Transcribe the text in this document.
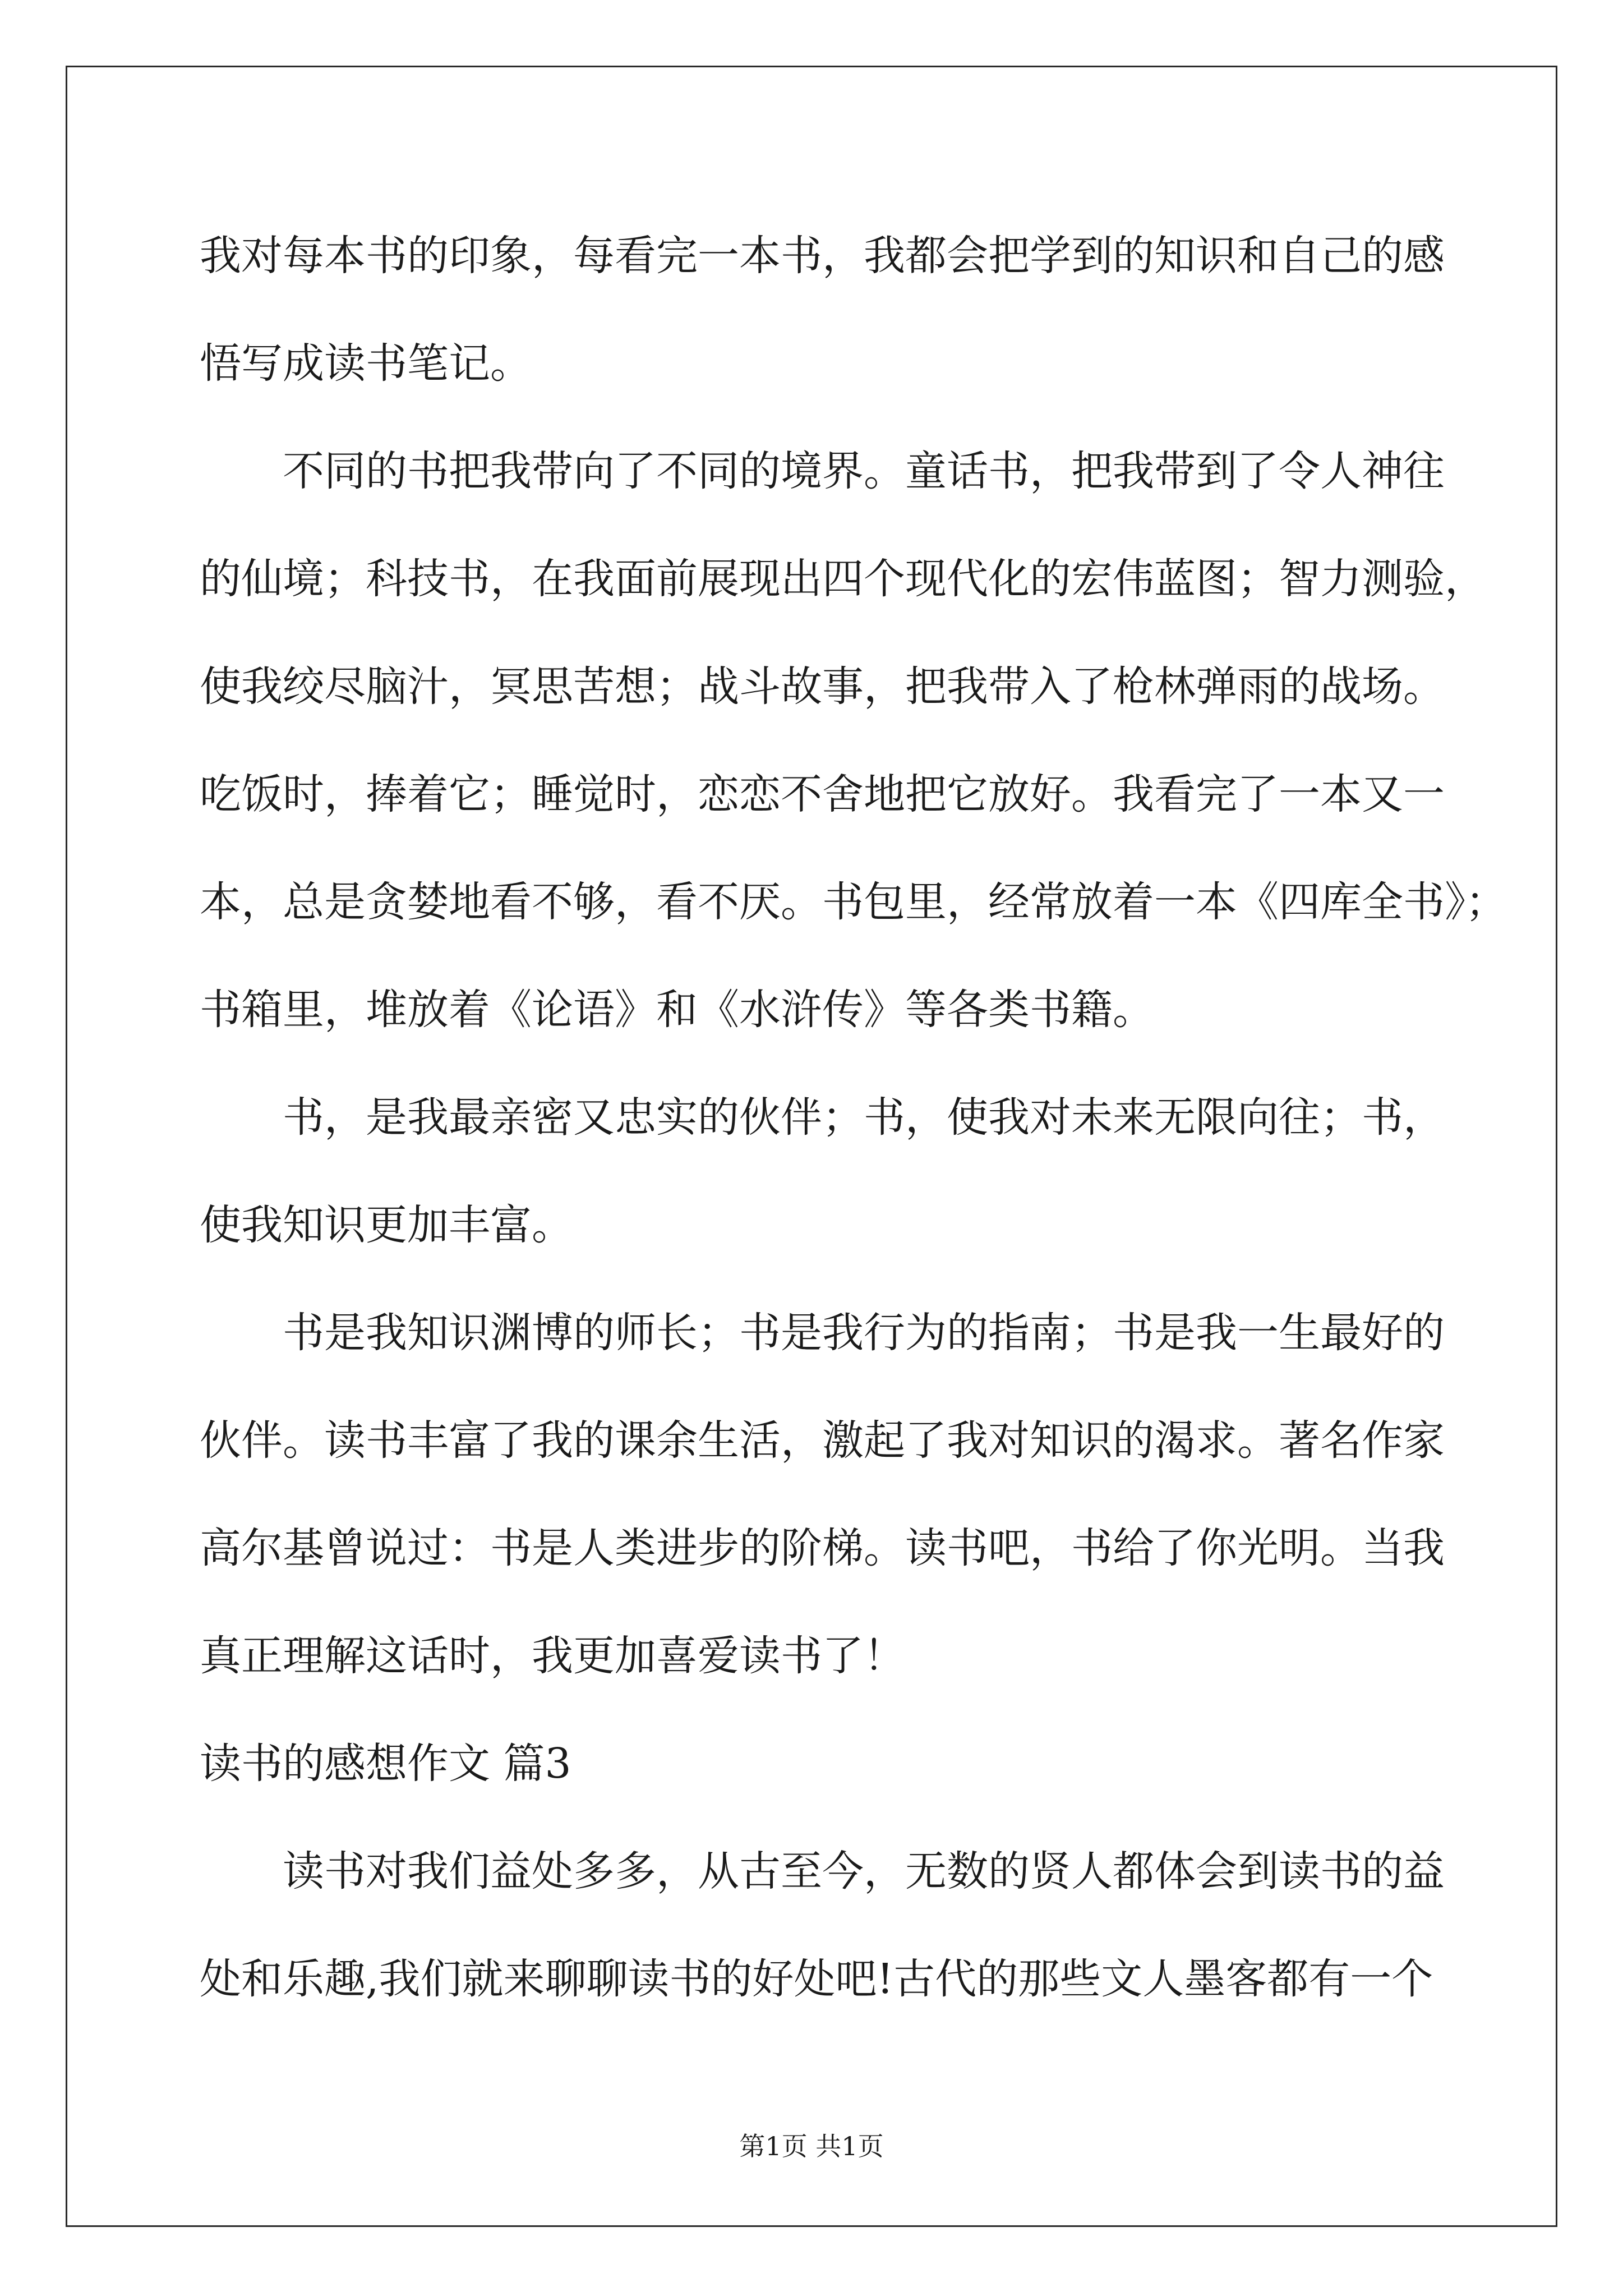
我对每本书的印象，每看完一本书，我都会把学到的知识和自己的感
悟写成读书笔记。
不同的书把我带向了不同的境界。童话书，把我带到了令人神往
的仙境；科技书，在我面前展现出四个现代化的宏伟蓝图；智力测验，
使我绞尽脑汁，冥思苦想；战斗故事，把我带入了枪林弹雨的战场。
吃饭时，捧着它；睡觉时，恋恋不舍地把它放好。我看完了一本又一
本，总是贪婪地看不够，看不厌。书包里，经常放着一本《四库全书》；
书箱里，堆放着《论语》和《水浒传》等各类书籍。
书，是我最亲密又忠实的伙伴；书，使我对未来无限向往；书，
使我知识更加丰富。
书是我知识渊博的师长；书是我行为的指南；书是我一生最好的
伙伴。读书丰富了我的课余生活，激起了我对知识的渴求。著名作家
高尔基曾说过：书是人类进步的阶梯。读书吧，书给了你光明。当我
真正理解这话时，我更加喜爱读书了！
读书的感想作文 篇3
读书对我们益处多多，从古至今，无数的贤人都体会到读书的益
处和乐趣,我们就来聊聊读书的好处吧!古代的那些文人墨客都有一个
第1页 共1页
